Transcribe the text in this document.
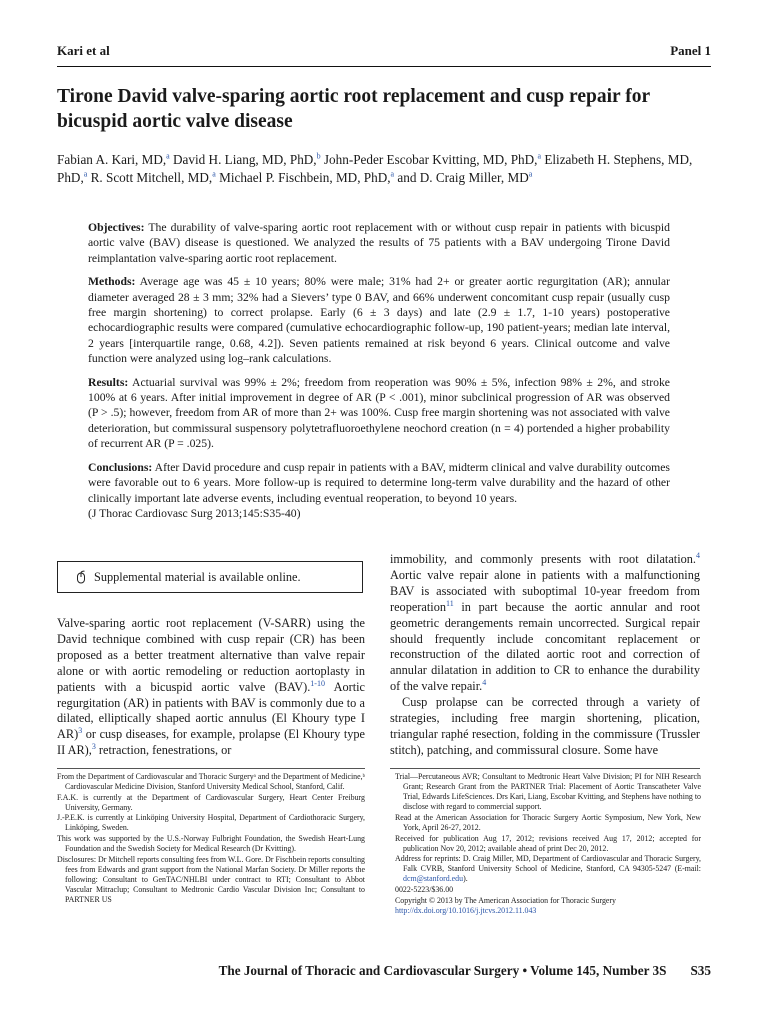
Kari et al	Panel 1
Tirone David valve-sparing aortic root replacement and cusp repair for bicuspid aortic valve disease
Fabian A. Kari, MD,$^a$ David H. Liang, MD, PhD,$^b$ John-Peder Escobar Kvitting, MD, PhD,$^a$ Elizabeth H. Stephens, MD, PhD,$^a$ R. Scott Mitchell, MD,$^a$ Michael P. Fischbein, MD, PhD,$^a$ and D. Craig Miller, $MD^a$

Objectives: The durability of valve-sparing aortic root replacement with or without cusp repair in patients with bicuspid aortic valve (BAV) disease is questioned. We analyzed the results of 75 patients with a BAV undergoing Tirone David reimplantation valve-sparing aortic root replacement.

Methods: Average age was 45 ± 10 years; 80% were male; 31% had 2+ or greater aortic regurgitation (AR); annular diameter averaged 28 ± 3 mm; 32% had a Sievers’ type 0 BAV, and 66% underwent concomitant cusp repair (usually cusp free margin shortening) to correct prolapse. Early (6 ± 3 days) and late (2.9 ± 1.7, 1-10 years) postoperative echocardiographic results were compared (cumulative echocardiographic follow-up, 190 patient-years; median late interval, 2 years [interquartile range, 0.68, 4.2]). Seven patients remained at risk beyond 6 years. Clinical outcome and valve function were analyzed using log–rank calculations.

Results: Actuarial survival was 99% ± 2%; freedom from reoperation was 90% ± 5%, infection 98% ± 2%, and stroke 100% at 6 years. After initial improvement in degree of AR (P < .001), minor subclinical progression of AR was observed (P > .5); however, freedom from AR of more than 2+ was 100%. Cusp free margin shortening was not associated with valve deterioration, but commissural suspensory polytetrafluoroethylene neochord creation (n = 4) portended a higher probability of recurrent AR (P = .025).

Conclusions: After David procedure and cusp repair in patients with a BAV, midterm clinical and valve durability outcomes were favorable out to 6 years. More follow-up is required to determine long-term valve durability and the hazard of other clinically important late adverse events, including eventual reoperation, to beyond 10 years.
(J Thorac Cardiovasc Surg 2013;145:S35-40)

Supplemental material is available online.

Valve-sparing aortic root replacement (V-SARR) using the David technique combined with cusp repair (CR) has been proposed as a better treatment alternative than valve repair alone or with aortic remodeling or reduction aortoplasty in patients with a bicuspid aortic valve (BAV).$^{1-10}$ Aortic regurgitation (AR) in patients with BAV is commonly due to a dilated, elliptically shaped aortic annulus (El Khoury type I AR)$^3$ or cusp diseases, for example, prolapse (El Khoury type II AR),$^3$ retraction, fenestrations, or

immobility, and commonly presents with root dilatation.$^4$ Aortic valve repair alone in patients with a malfunctioning BAV is associated with suboptimal 10-year freedom from reoperation$^{11}$ in part because the aortic annular and root geometric derangements remain uncorrected. Surgical repair should frequently include concomitant replacement or reconstruction of the dilated aortic root and correction of annular dilatation in addition to CR to enhance the durability of the valve repair.$^4$

Cusp prolapse can be corrected through a variety of strategies, including free margin shortening, plication, triangular raphé resection, folding in the commissure (Trussler stitch), patching, and commissural closure. Some have

From the Department of Cardiovascular and Thoracic Surgeryᵃ and the Department of Medicine,ᵇ Cardiovascular Medicine Division, Stanford University Medical School, Stanford, Calif.

F.A.K. is currently at the Department of Cardiovascular Surgery, Heart Center Freiburg University, Germany.

J.-P.E.K. is currently at Linköping University Hospital, Department of Cardiothoracic Surgery, Linköping, Sweden.

This work was supported by the U.S.-Norway Fulbright Foundation, the Swedish Heart-Lung Foundation and the Swedish Society for Medical Research (Dr Kvitting).

Disclosures: Dr Mitchell reports consulting fees from W.L. Gore. Dr Fischbein reports consulting fees from Edwards and grant support from the National Marfan Society. Dr Miller reports the following: Consultant to GenTAC/NHLBI under contract to RTI; Consultant to Abbot Vascular Mitraclup; Consultant to Medtronic Cardio Vascular Division Inc; Consultant to PARTNER US

Trial—Percutaneous AVR; Consultant to Medtronic Heart Valve Division; PI for NIH Research Grant; Research Grant from the PARTNER Trial: Placement of Aortic Transcatheter Valve Trial, Edwards LifeSciences. Drs Kari, Liang, Escobar Kvitting, and Stephens have nothing to disclose with regard to commercial support.

Read at the American Association for Thoracic Surgery Aortic Symposium, New York, New York, April 26-27, 2012.

Received for publication Aug 17, 2012; revisions received Aug 17, 2012; accepted for publication Nov 20, 2012; available ahead of print Dec 20, 2012.

Address for reprints: D. Craig Miller, MD, Department of Cardiovascular and Thoracic Surgery, Falk CVRB, Stanford University School of Medicine, Stanford, CA 94305-5247 (E-mail: dcm@stanford.edu).

0022-5223/$36.00

Copyright © 2013 by The American Association for Thoracic Surgery

http://dx.doi.org/10.1016/j.jtcvs.2012.11.043

The Journal of Thoracic and Cardiovascular Surgery • Volume 145, Number 3S S35
